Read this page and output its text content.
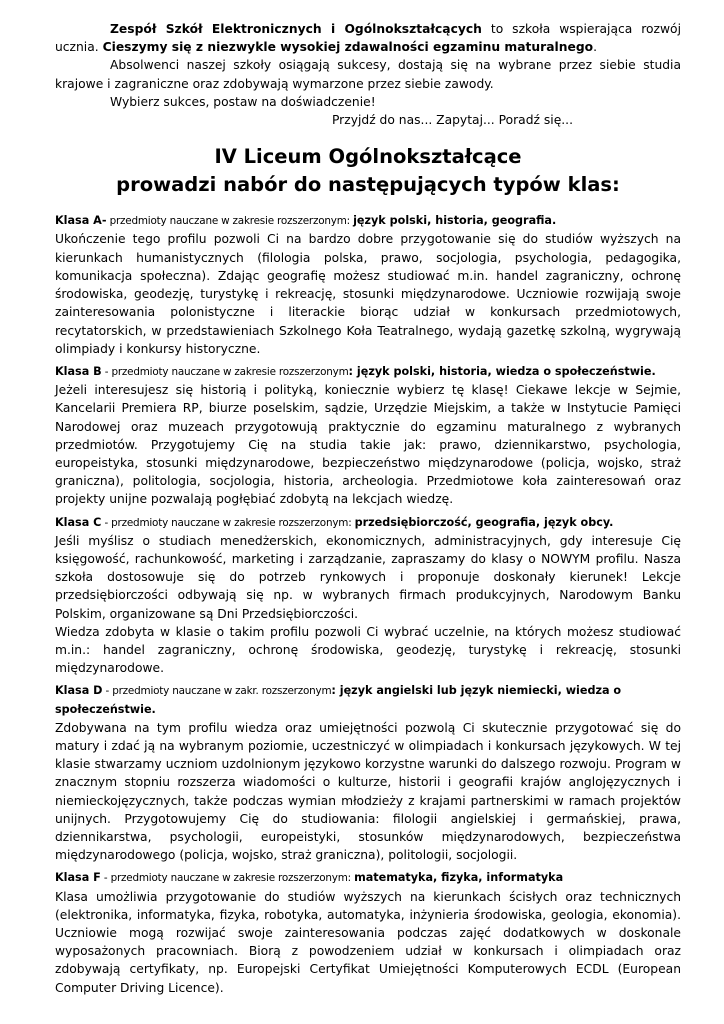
Zespół Szkół Elektronicznych i Ogólnokształcących to szkoła wspierająca rozwój ucznia. Cieszymy się z niezwykle wysokiej zdawalności egzaminu maturalnego.

Absolwenci naszej szkoły osiągają sukcesy, dostają się na wybrane przez siebie studia krajowe i zagraniczne oraz zdobywają wymarzone przez siebie zawody.

Wybierz sukces, postaw na doświadczenie!

Przyjdź do nas... Zapytaj... Poradź się...

IV Liceum Ogólnokształcące
prowadzi nabór do następujących typów klas:

Klasa A- przedmioty nauczane w zakresie rozszerzonym: język polski, historia, geografia.

Ukończenie tego profilu pozwoli Ci na bardzo dobre przygotowanie się do studiów wyższych na kierunkach humanistycznych (filologia polska, prawo, socjologia, psychologia, pedagogika, komunikacja społeczna). Zdając geografię możesz studiować m.in. handel zagraniczny, ochronę środowiska, geodezję, turystykę i rekreację, stosunki międzynarodowe. Uczniowie rozwijają swoje zainteresowania polonistyczne i literackie biorąc udział w konkursach przedmiotowych, recytatorskich, w przedstawieniach Szkolnego Koła Teatralnego, wydają gazetkę szkolną, wygrywają olimpiady i konkursy historyczne.

Klasa B - przedmioty nauczane w zakresie rozszerzonym: język polski, historia, wiedza o społeczeństwie.

Jeżeli interesujesz się historią i polityką, koniecznie wybierz tę klasę! Ciekawe lekcje w Sejmie, Kancelarii Premiera RP, biurze poselskim, sądzie, Urzędzie Miejskim, a także w Instytucie Pamięci Narodowej oraz muzeach przygotowują praktycznie do egzaminu maturalnego z wybranych przedmiotów. Przygotujemy Cię na studia takie jak: prawo, dziennikarstwo, psychologia, europeistyka, stosunki międzynarodowe, bezpieczeństwo międzynarodowe (policja, wojsko, straż graniczna), politologia, socjologia, historia, archeologia. Przedmiotowe koła zainteresowań oraz projekty unijne pozwalają pogłębiać zdobytą na lekcjach wiedzę.

Klasa C - przedmioty nauczane w zakresie rozszerzonym: przedsiębiorczość, geografia, język obcy.

Jeśli myślisz o studiach menedżerskich, ekonomicznych, administracyjnych, gdy interesuje Cię księgowość, rachunkowość, marketing i zarządzanie, zapraszamy do klasy o NOWYM profilu. Nasza szkoła dostosowuje się do potrzeb rynkowych i proponuje doskonały kierunek! Lekcje przedsiębiorczości odbywają się np. w wybranych firmach produkcyjnych, Narodowym Banku Polskim, organizowane są Dni Przedsiębiorczości.

Wiedza zdobyta w klasie o takim profilu pozwoli Ci wybrać uczelnie, na których możesz studiować m.in.: handel zagraniczny, ochronę środowiska, geodezję, turystykę i rekreację, stosunki międzynarodowe.

Klasa D - przedmioty nauczane w zakr. rozszerzonym: język angielski lub język niemiecki, wiedza o społeczeństwie.

Zdobywana na tym profilu wiedza oraz umiejętności pozwolą Ci skutecznie przygotować się do matury i zdać ją na wybranym poziomie, uczestniczyć w olimpiadach i konkursach językowych. W tej klasie stwarzamy uczniom uzdolnionym językowo korzystne warunki do dalszego rozwoju. Program w znacznym stopniu rozszerza wiadomości o kulturze, historii i geografii krajów anglojęzycznych i niemieckojęzycznych, także podczas wymian młodzieży z krajami partnerskimi w ramach projektów unijnych. Przygotowujemy Cię do studiowania: filologii angielskiej i germańskiej, prawa, dziennikarstwa, psychologii, europeistyki, stosunków międzynarodowych, bezpieczeństwa międzynarodowego (policja, wojsko, straż graniczna), politologii, socjologii.

Klasa F - przedmioty nauczane w zakresie rozszerzonym: matematyka, fizyka, informatyka

Klasa umożliwia przygotowanie do studiów wyższych na kierunkach ścisłych oraz technicznych (elektronika, informatyka, fizyka, robotyka, automatyka, inżynieria środowiska, geologia, ekonomia). Uczniowie mogą rozwijać swoje zainteresowania podczas zajęć dodatkowych w doskonale wyposażonych pracowniach. Biorą z powodzeniem udział w konkursach i olimpiadach oraz zdobywają certyfikaty, np. Europejski Certyfikat Umiejętności Komputerowych ECDL (European Computer Driving Licence).
